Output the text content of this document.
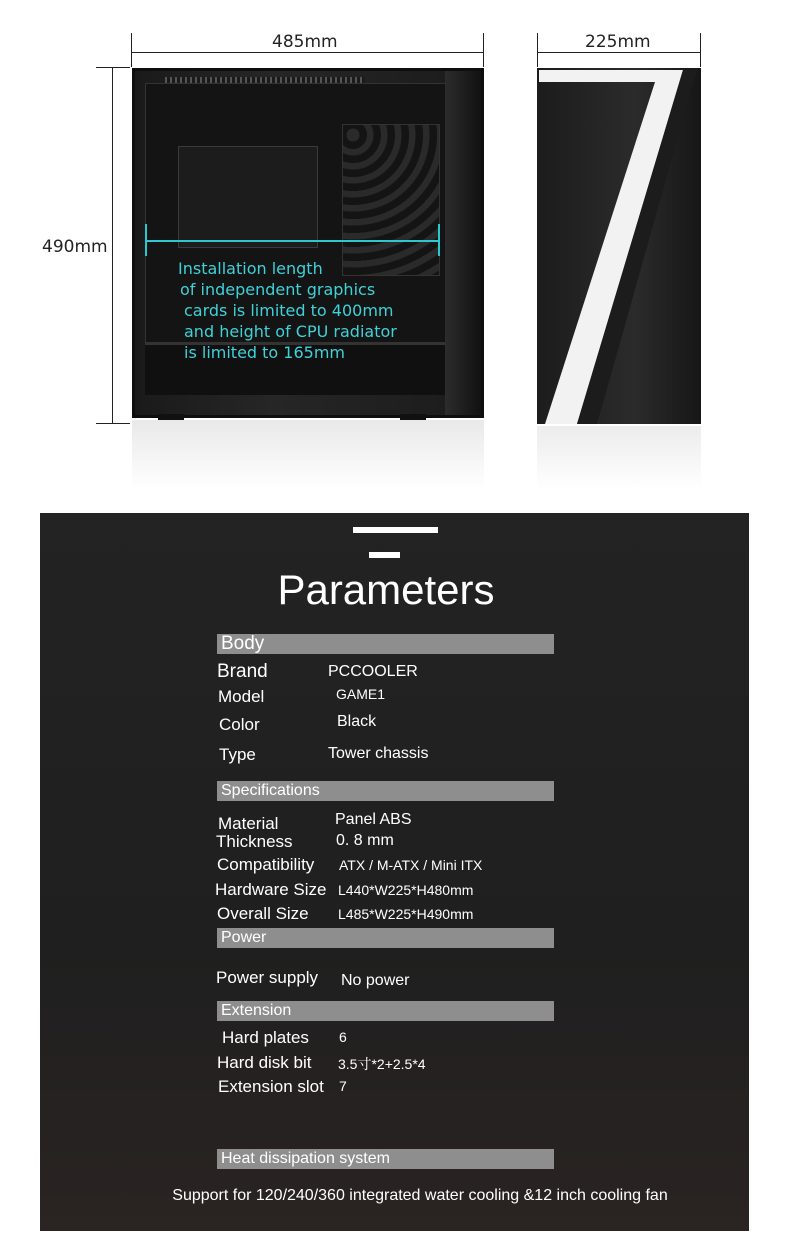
485mm	225mm
490mm
Installation length
of independent graphics
cards is limited to 400mm
and height of CPU radiator
is limited to 165mm
Parameters
Body
Brand	PCCOOLER
Model	GAME1
Color	Black
Type	Tower chassis
Specifications
Material	Panel ABS
Thickness	0. 8 mm
Compatibility ATX / M-ATX / Mini ITX
Hardware Size L440*W225*H480mm
Overall Size L485*W225*H490mm
Power
Power supply No power
Extension
Hard plates 6
Hard disk bit 3.5寸*2+2.5*4
Extension slot 7
Heat dissipation system
Support for 120/240/360 integrated water cooling &12 inch cooling fan
